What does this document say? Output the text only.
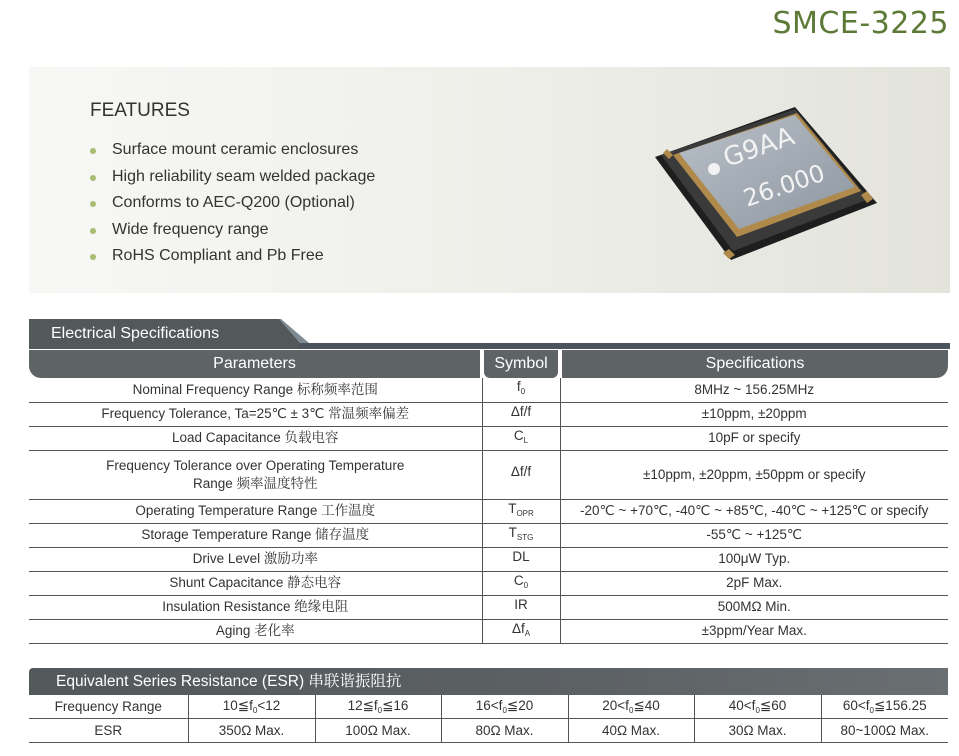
SMCE-3225
FEATURES
Surface mount ceramic enclosures
High reliability seam welded package
Conforms to AEC-Q200 (Optional)
Wide frequency range
RoHS Compliant and Pb Free
G9AA
26.000
Electrical Specifications
Parameters	Symbol	Specifications
Nominal Frequency Range 标称频率范围	$f_0$	8MHz ~ 156.25MHz
Frequency Tolerance, Ta=25℃ ± 3℃ 常温频率偏差	Δf/f	±10ppm, ±20ppm
Load Capacitance 负载电容	$C_L$	10pF or specify

Frequency Tolerance over Operating Temperature
Range 频率温度特性	Δf/f	±10ppm, ±20ppm, ±50ppm or specify
Operating Temperature Range 工作温度	$T_{OPR}$	-20℃ ~ +70℃, -40℃ ~ +85℃, -40℃ ~ +125℃ or specify
Storage Temperature Range 储存温度	$T_{STG}$	-55℃ ~ +125℃
Drive Level 激励功率	DL	100μW Typ.
Shunt Capacitance 静态电容	$C_0$	2pF Max.
Insulation Resistance 绝缘电阻	IR	500MΩ Min.
Aging 老化率	$\Delta f_A$	±3ppm/Year Max.
Equivalent Series Resistance (ESR) 串联谐振阻抗
Frequency Range	$10≦f_0<12$	$12≦f_0≦16$	$16<f_0≦20$	$20<f_0≦40$	$40<f_0≦60$	$60<f_0≦156.25$
ESR	350Ω Max.	100Ω Max.	80Ω Max.	40Ω Max.	30Ω Max.	80~100Ω Max.
